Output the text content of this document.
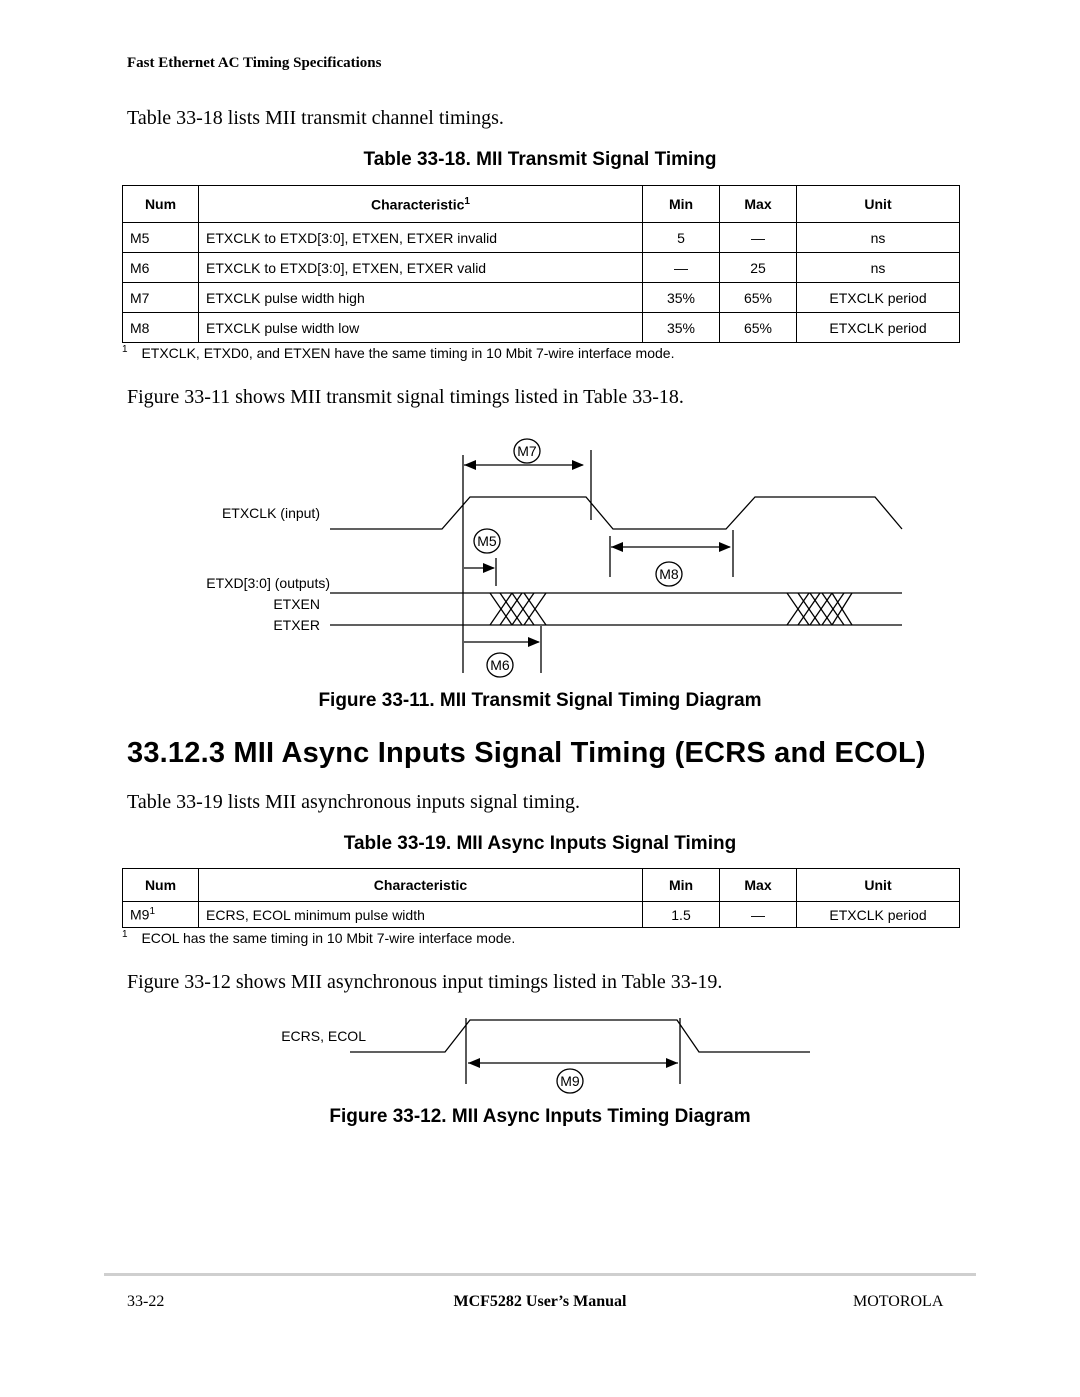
Fast Ethernet AC Timing Specifications
Table 33-18 lists MII transmit channel timings.
Table 33-18. MII Transmit Signal Timing
Num	Characteristic$^1$	Min	Max	Unit
M5	ETXCLK to ETXD[3:0], ETXEN, ETXER invalid	5	—	ns
M6	ETXCLK to ETXD[3:0], ETXEN, ETXER valid	—	25	ns
M7	ETXCLK pulse width high	35%	65%	ETXCLK period
M8	ETXCLK pulse width low	35%	65%	ETXCLK period
$^1$ ETXCLK, ETXD0, and ETXEN have the same timing in 10 Mbit 7-wire interface mode.
Figure 33-11 shows MII transmit signal timings listed in Table 33-18.
ETXCLK (input)
ETXD[3:0] (outputs)
ETXEN
ETXER
M7
M5
M8
M6
Figure 33-11. MII Transmit Signal Timing Diagram
33.12.3 MII Async Inputs Signal Timing (ECRS and ECOL)
Table 33-19 lists MII asynchronous inputs signal timing.
Table 33-19. MII Async Inputs Signal Timing
Num	Characteristic	Min	Max	Unit
$M9^1$	ECRS, ECOL minimum pulse width	1.5	—	ETXCLK period
$^1$ ECOL has the same timing in 10 Mbit 7-wire interface mode.
Figure 33-12 shows MII asynchronous input timings listed in Table 33-19.
ECRS, ECOL
M9
Figure 33-12. MII Async Inputs Timing Diagram
33-22	MCF5282 User’s Manual	MOTOROLA
